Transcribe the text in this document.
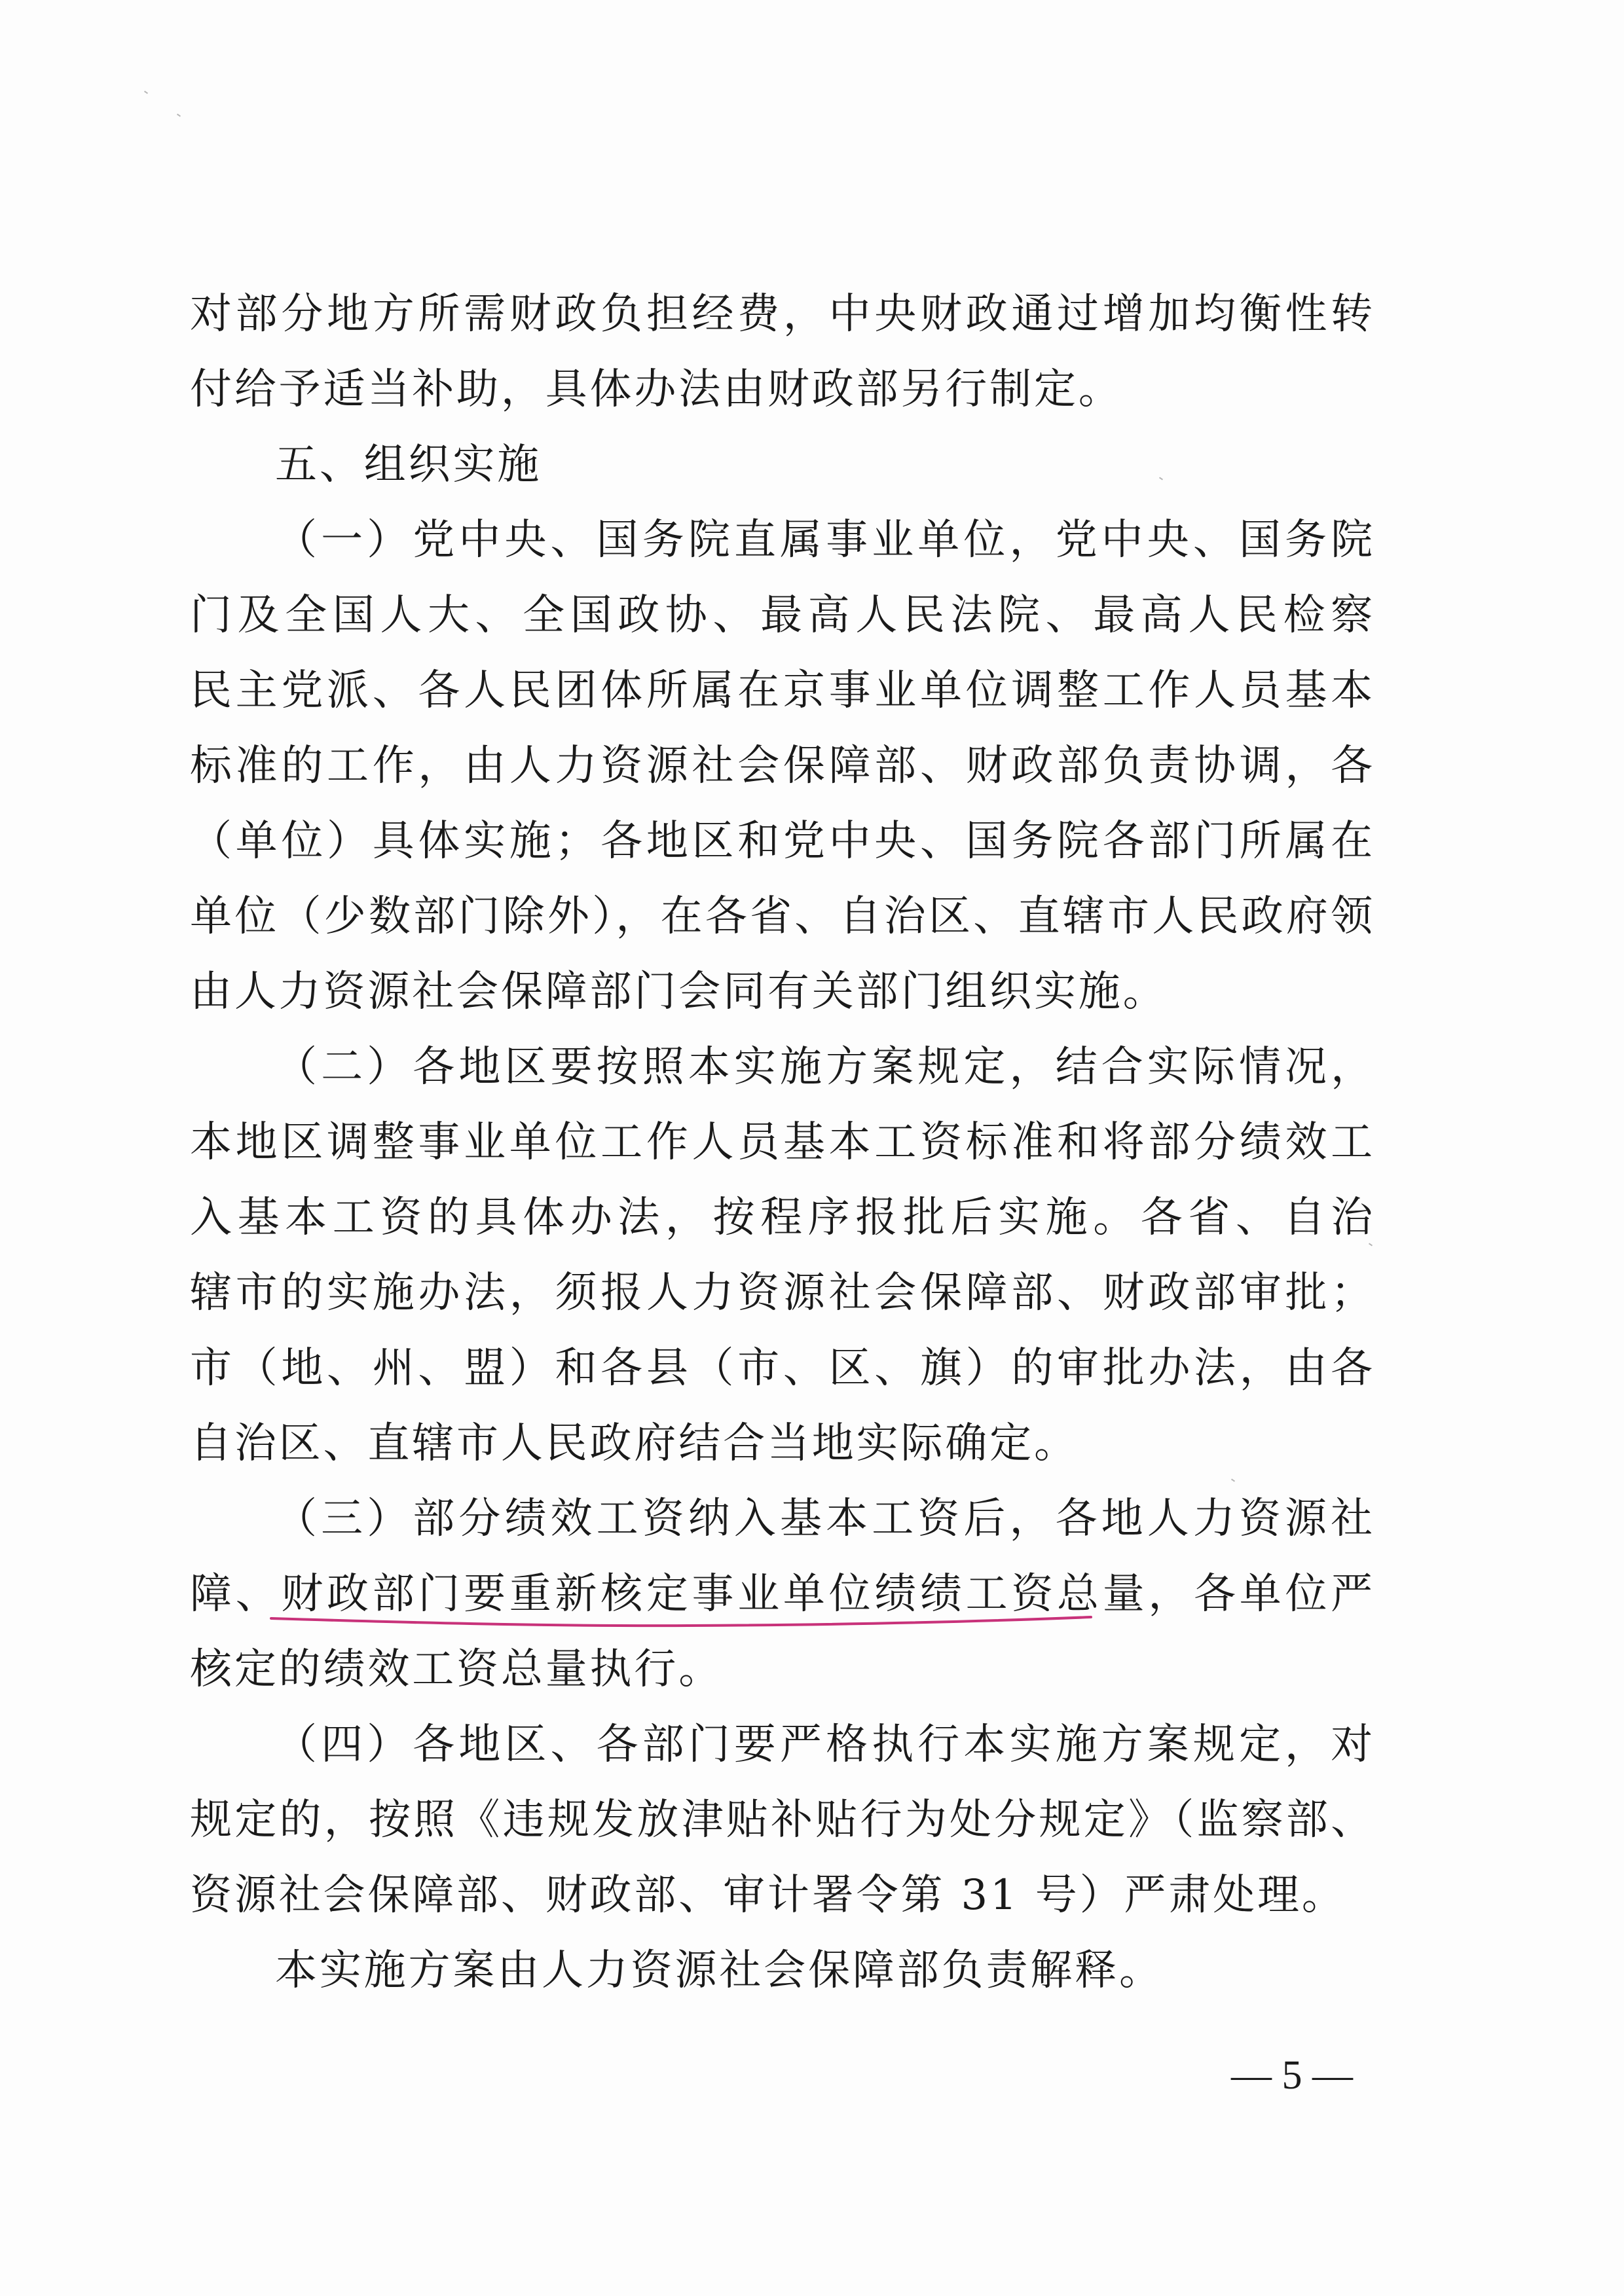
对部分地方所需财政负担经费，中央财政通过增加均衡性转
付给予适当补助，具体办法由财政部另行制定。
五、组织实施
（一）党中央、国务院直属事业单位，党中央、国务院
门及全国人大、全国政协、最高人民法院、最高人民检察
民主党派、各人民团体所属在京事业单位调整工作人员基本
标准的工作，由人力资源社会保障部、财政部负责协调，各
（单位）具体实施；各地区和党中央、国务院各部门所属在
单位（少数部门除外），在各省、自治区、直辖市人民政府领
由人力资源社会保障部门会同有关部门组织实施。
（二）各地区要按照本实施方案规定，结合实际情况，
本地区调整事业单位工作人员基本工资标准和将部分绩效工
入基本工资的具体办法，按程序报批后实施。各省、自治
辖市的实施办法，须报人力资源社会保障部、财政部审批；
市（地、州、盟）和各县（市、区、旗）的审批办法，由各
自治区、直辖市人民政府结合当地实际确定。
（三）部分绩效工资纳入基本工资后，各地人力资源社
障、财政部门要重新核定事业单位绩绩工资总量，各单位严
核定的绩效工资总量执行。
（四）各地区、各部门要严格执行本实施方案规定，对
规定的，按照《违规发放津贴补贴行为处分规定》（监察部、
资源社会保障部、财政部、审计署令第 31 号）严肃处理。
本实施方案由人力资源社会保障部负责解释。
— 5 —
